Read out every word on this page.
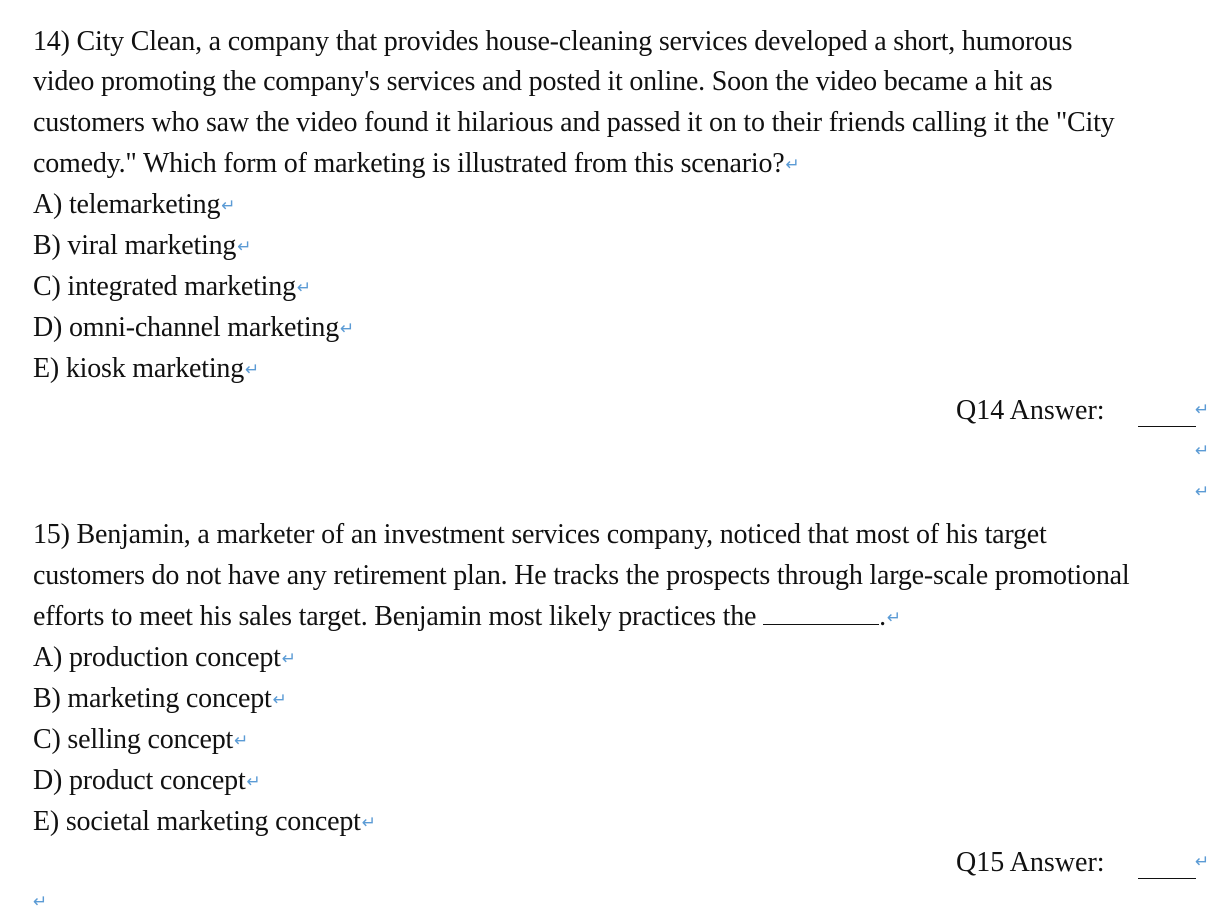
14) City Clean, a company that provides house-cleaning services developed a short, humorous
video promoting the company's services and posted it online. Soon the video became a hit as
customers who saw the video found it hilarious and passed it on to their friends calling it the "City
comedy." Which form of marketing is illustrated from this scenario?↵
A) telemarketing↵
B) viral marketing↵
C) integrated marketing↵
D) omni-channel marketing↵
E) kiosk marketing↵
Q14 Answer:	↵
↵
↵
15) Benjamin, a marketer of an investment services company, noticed that most of his target
customers do not have any retirement plan. He tracks the prospects through large-scale promotional
efforts to meet his sales target. Benjamin most likely practices the	.↵
A) production concept↵
B) marketing concept↵
C) selling concept↵
D) product concept↵
E) societal marketing concept↵
Q15 Answer:	↵
↵
